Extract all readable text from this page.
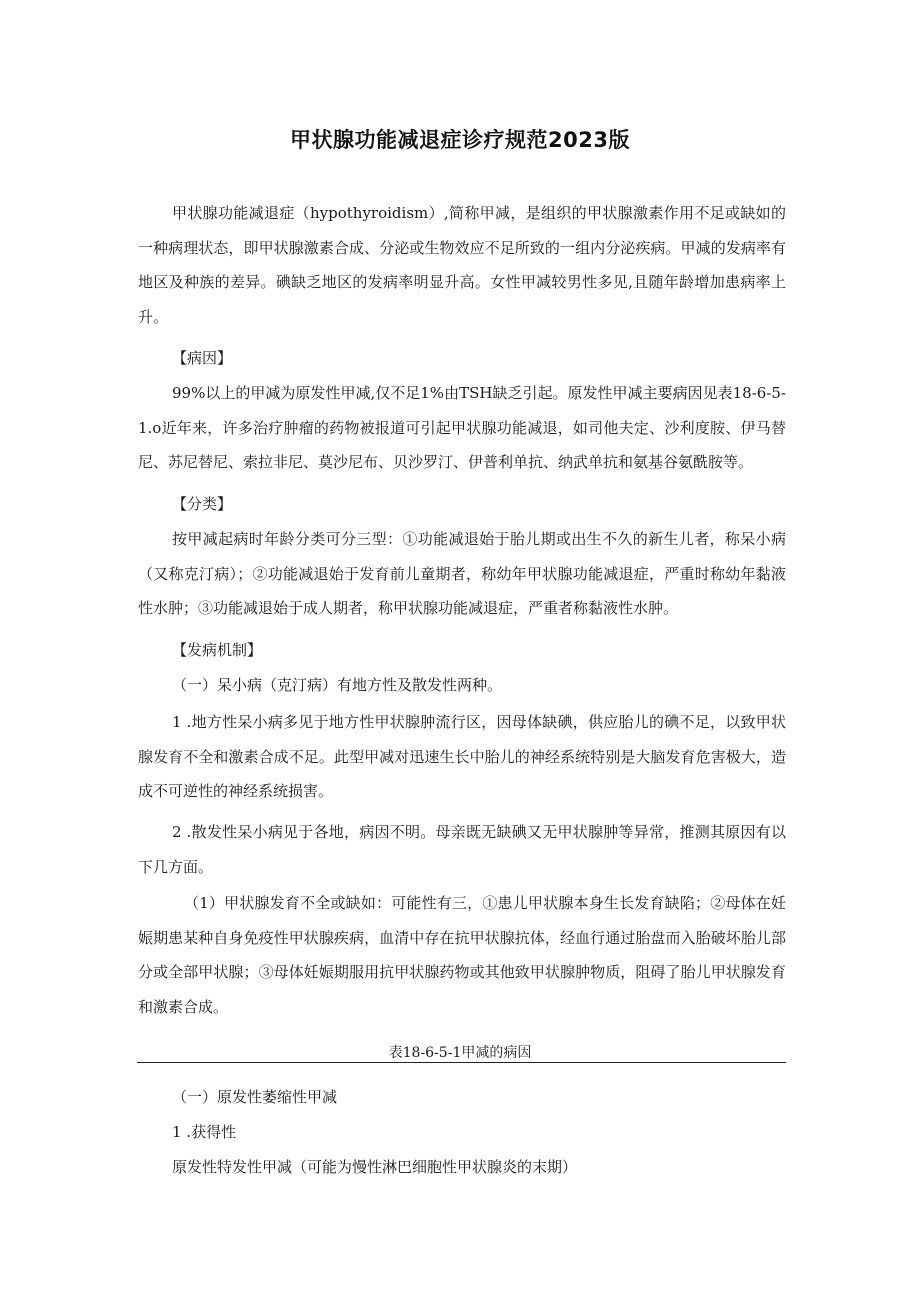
甲状腺功能减退症诊疗规范2023版

甲状腺功能减退症（hypothyroidism）,简称甲减，是组织的甲状腺激素作用不足或缺如的一种病理状态，即甲状腺激素合成、分泌或生物效应不足所致的一组内分泌疾病。甲减的发病率有地区及种族的差异。碘缺乏地区的发病率明显升高。女性甲减较男性多见,且随年龄增加患病率上升。

【病因】

99%以上的甲减为原发性甲减,仅不足1%由TSH缺乏引起。原发性甲减主要病因见表18-6-5-1.o近年来，许多治疗肿瘤的药物被报道可引起甲状腺功能减退，如司他夫定、沙利度胺、伊马替尼、苏尼替尼、索拉非尼、莫沙尼布、贝沙罗汀、伊普利单抗、纳武单抗和氨基谷氨酰胺等。

【分类】

按甲减起病时年龄分类可分三型：①功能减退始于胎儿期或出生不久的新生儿者，称呆小病（又称克汀病）；②功能减退始于发育前儿童期者，称幼年甲状腺功能减退症，严重时称幼年黏液性水肿；③功能减退始于成人期者，称甲状腺功能减退症，严重者称黏液性水肿。

【发病机制】

（一）呆小病（克汀病）有地方性及散发性两种。

1 .地方性呆小病多见于地方性甲状腺肿流行区，因母体缺碘，供应胎儿的碘不足，以致甲状腺发育不全和激素合成不足。此型甲减对迅速生长中胎儿的神经系统特别是大脑发育危害极大，造成不可逆性的神经系统损害。

2 .散发性呆小病见于各地，病因不明。母亲既无缺碘又无甲状腺肿等异常，推测其原因有以下几方面。

（1）甲状腺发育不全或缺如：可能性有三，①患儿甲状腺本身生长发育缺陷；②母体在妊娠期患某种自身免疫性甲状腺疾病，血清中存在抗甲状腺抗体，经血行通过胎盘而入胎破坏胎儿部分或全部甲状腺；③母体妊娠期服用抗甲状腺药物或其他致甲状腺肿物质，阻碍了胎儿甲状腺发育和激素合成。

表18-6-5-1甲减的病因

（一）原发性萎缩性甲减

1 .获得性

原发性特发性甲减（可能为慢性淋巴细胞性甲状腺炎的末期）
